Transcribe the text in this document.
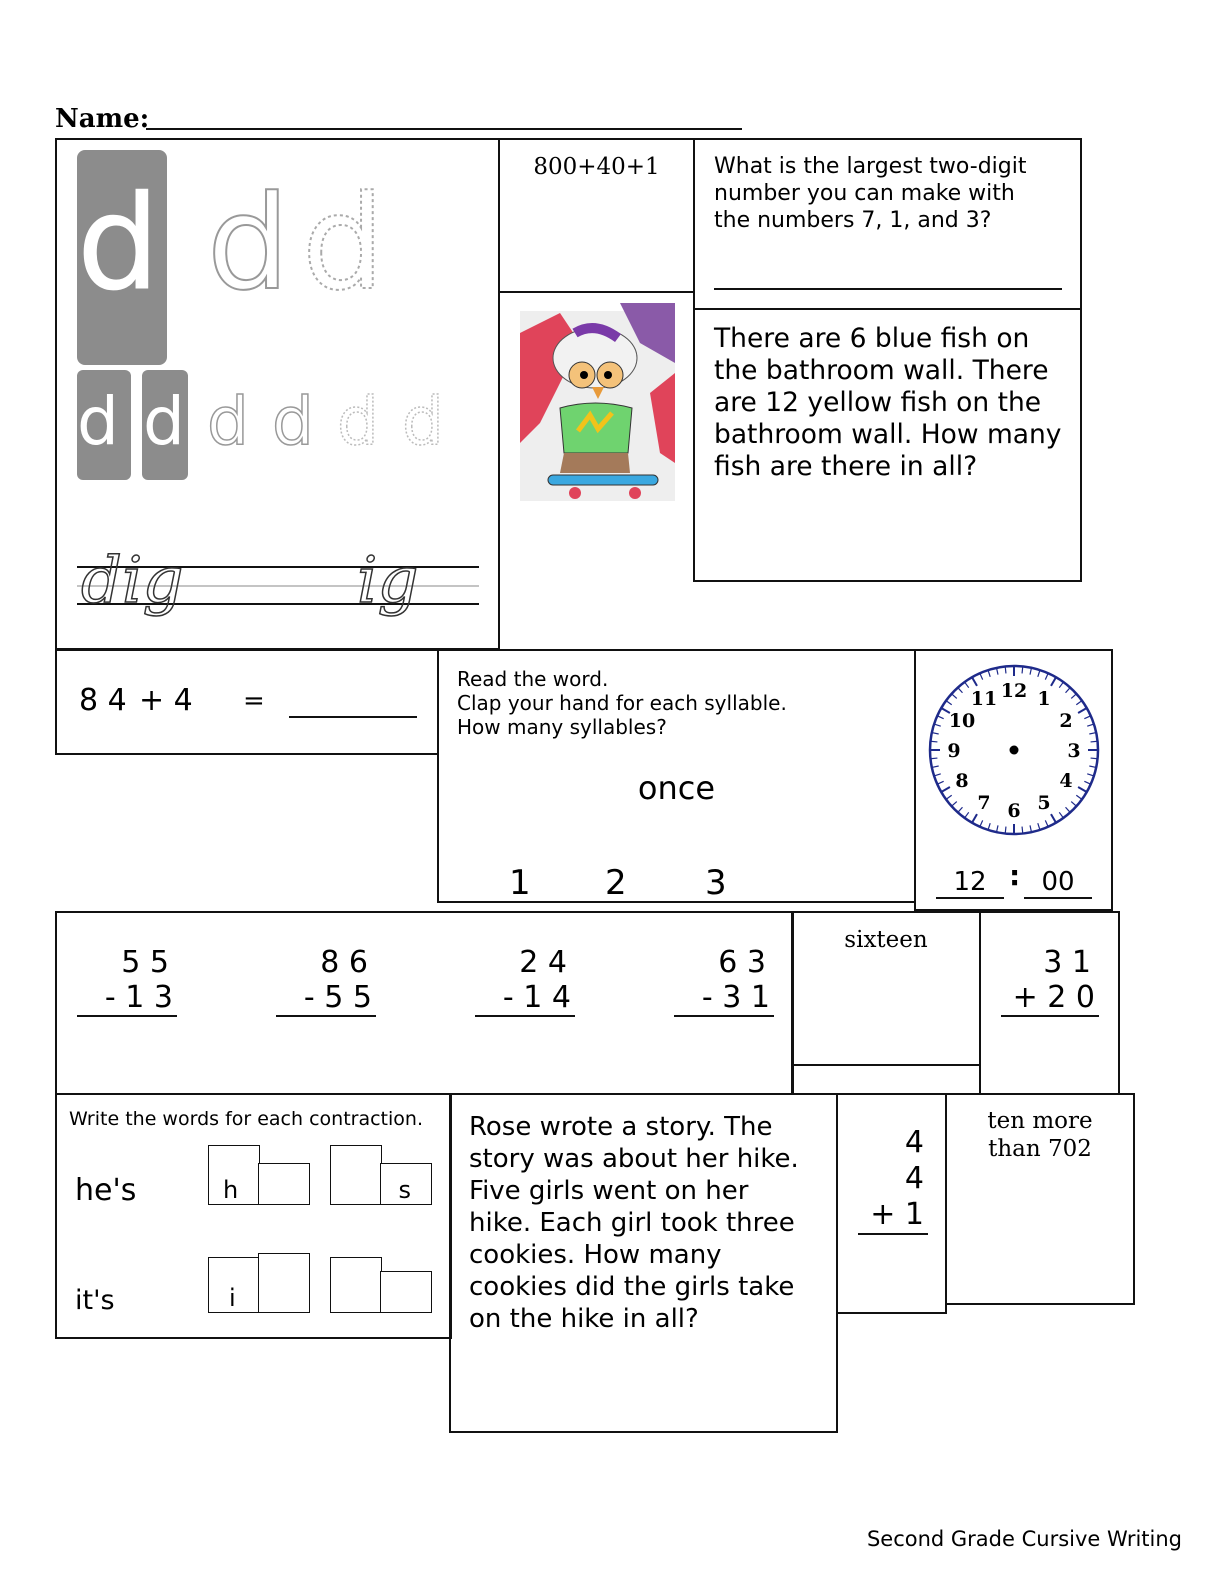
Name:
d d d
d d d d d d
dig	ig
800+40+1	What is the largest two-digit number you can make with the numbers 7, 1, and 3?
There are 6 blue fish on the bathroom wall. There are 12 yellow fish on the bathroom wall. How many fish are there in all?
8 4 + 4 =
Read the word.
Clap your hand for each syllable.
How many syllables?
once
1 2 3
12 1
2
3
4
5
6
7
8
9
10
11
12 : 00
5 5
- 1 3
8 6
- 5 5
2 4
- 1 4
6 3
- 3 1
sixteen
3 1
+ 2 0
Write the words for each contraction.
he's	h	s
it's	i
Rose wrote a story. The story was about her hike. Five girls went on her hike. Each girl took three cookies. How many cookies did the girls take on the hike in all?
4
4
+ 1
ten more than 702
Second Grade Cursive Writing
